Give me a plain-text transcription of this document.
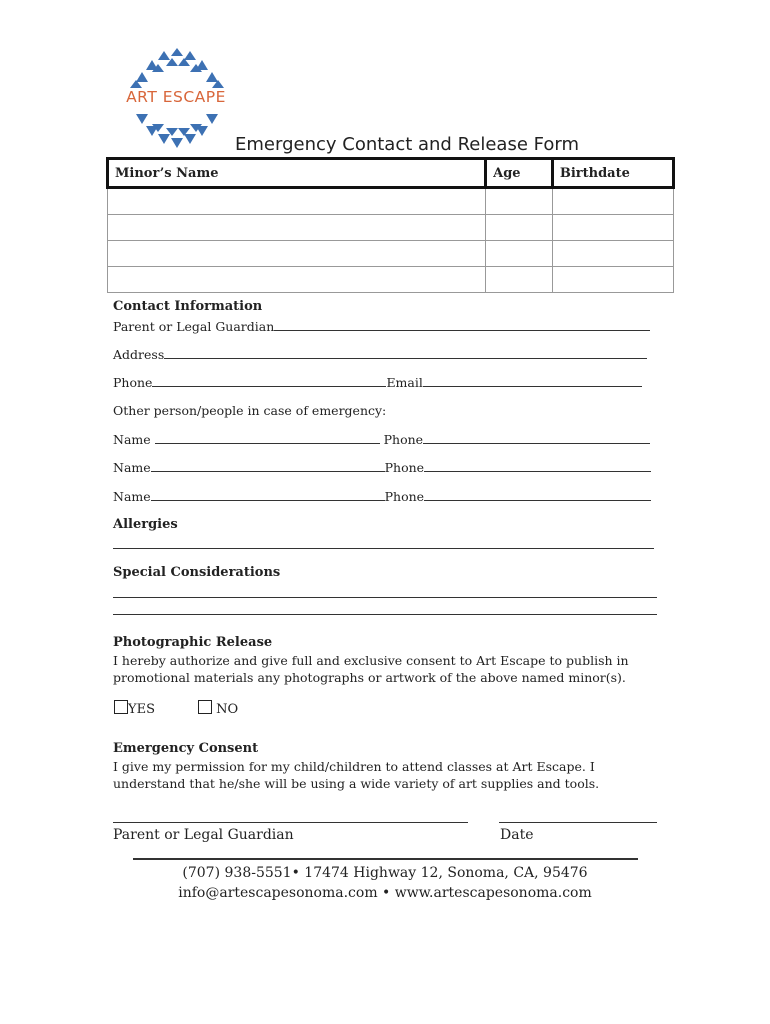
ART ESCAPE
Emergency Contact and Release Form
Minor’s Name	Age	Birthdate

Contact Information
Parent or Legal Guardian
Address
Phone	Email
Other person/people in case of emergency:
Name	Phone
Name	Phone
Name	Phone
Allergies
Special Considerations
Photographic Release
I hereby authorize and give full and exclusive consent to Art Escape to publish in promotional materials any photographs or artwork of the above named minor(s).
YES	NO
Emergency Consent
I give my permission for my child/children to attend classes at Art Escape. I understand that he/she will be using a wide variety of art supplies and tools.
Parent or Legal Guardian	Date
(707) 938-5551• 17474 Highway 12, Sonoma, CA, 95476
info@artescapesonoma.com • www.artescapesonoma.com
